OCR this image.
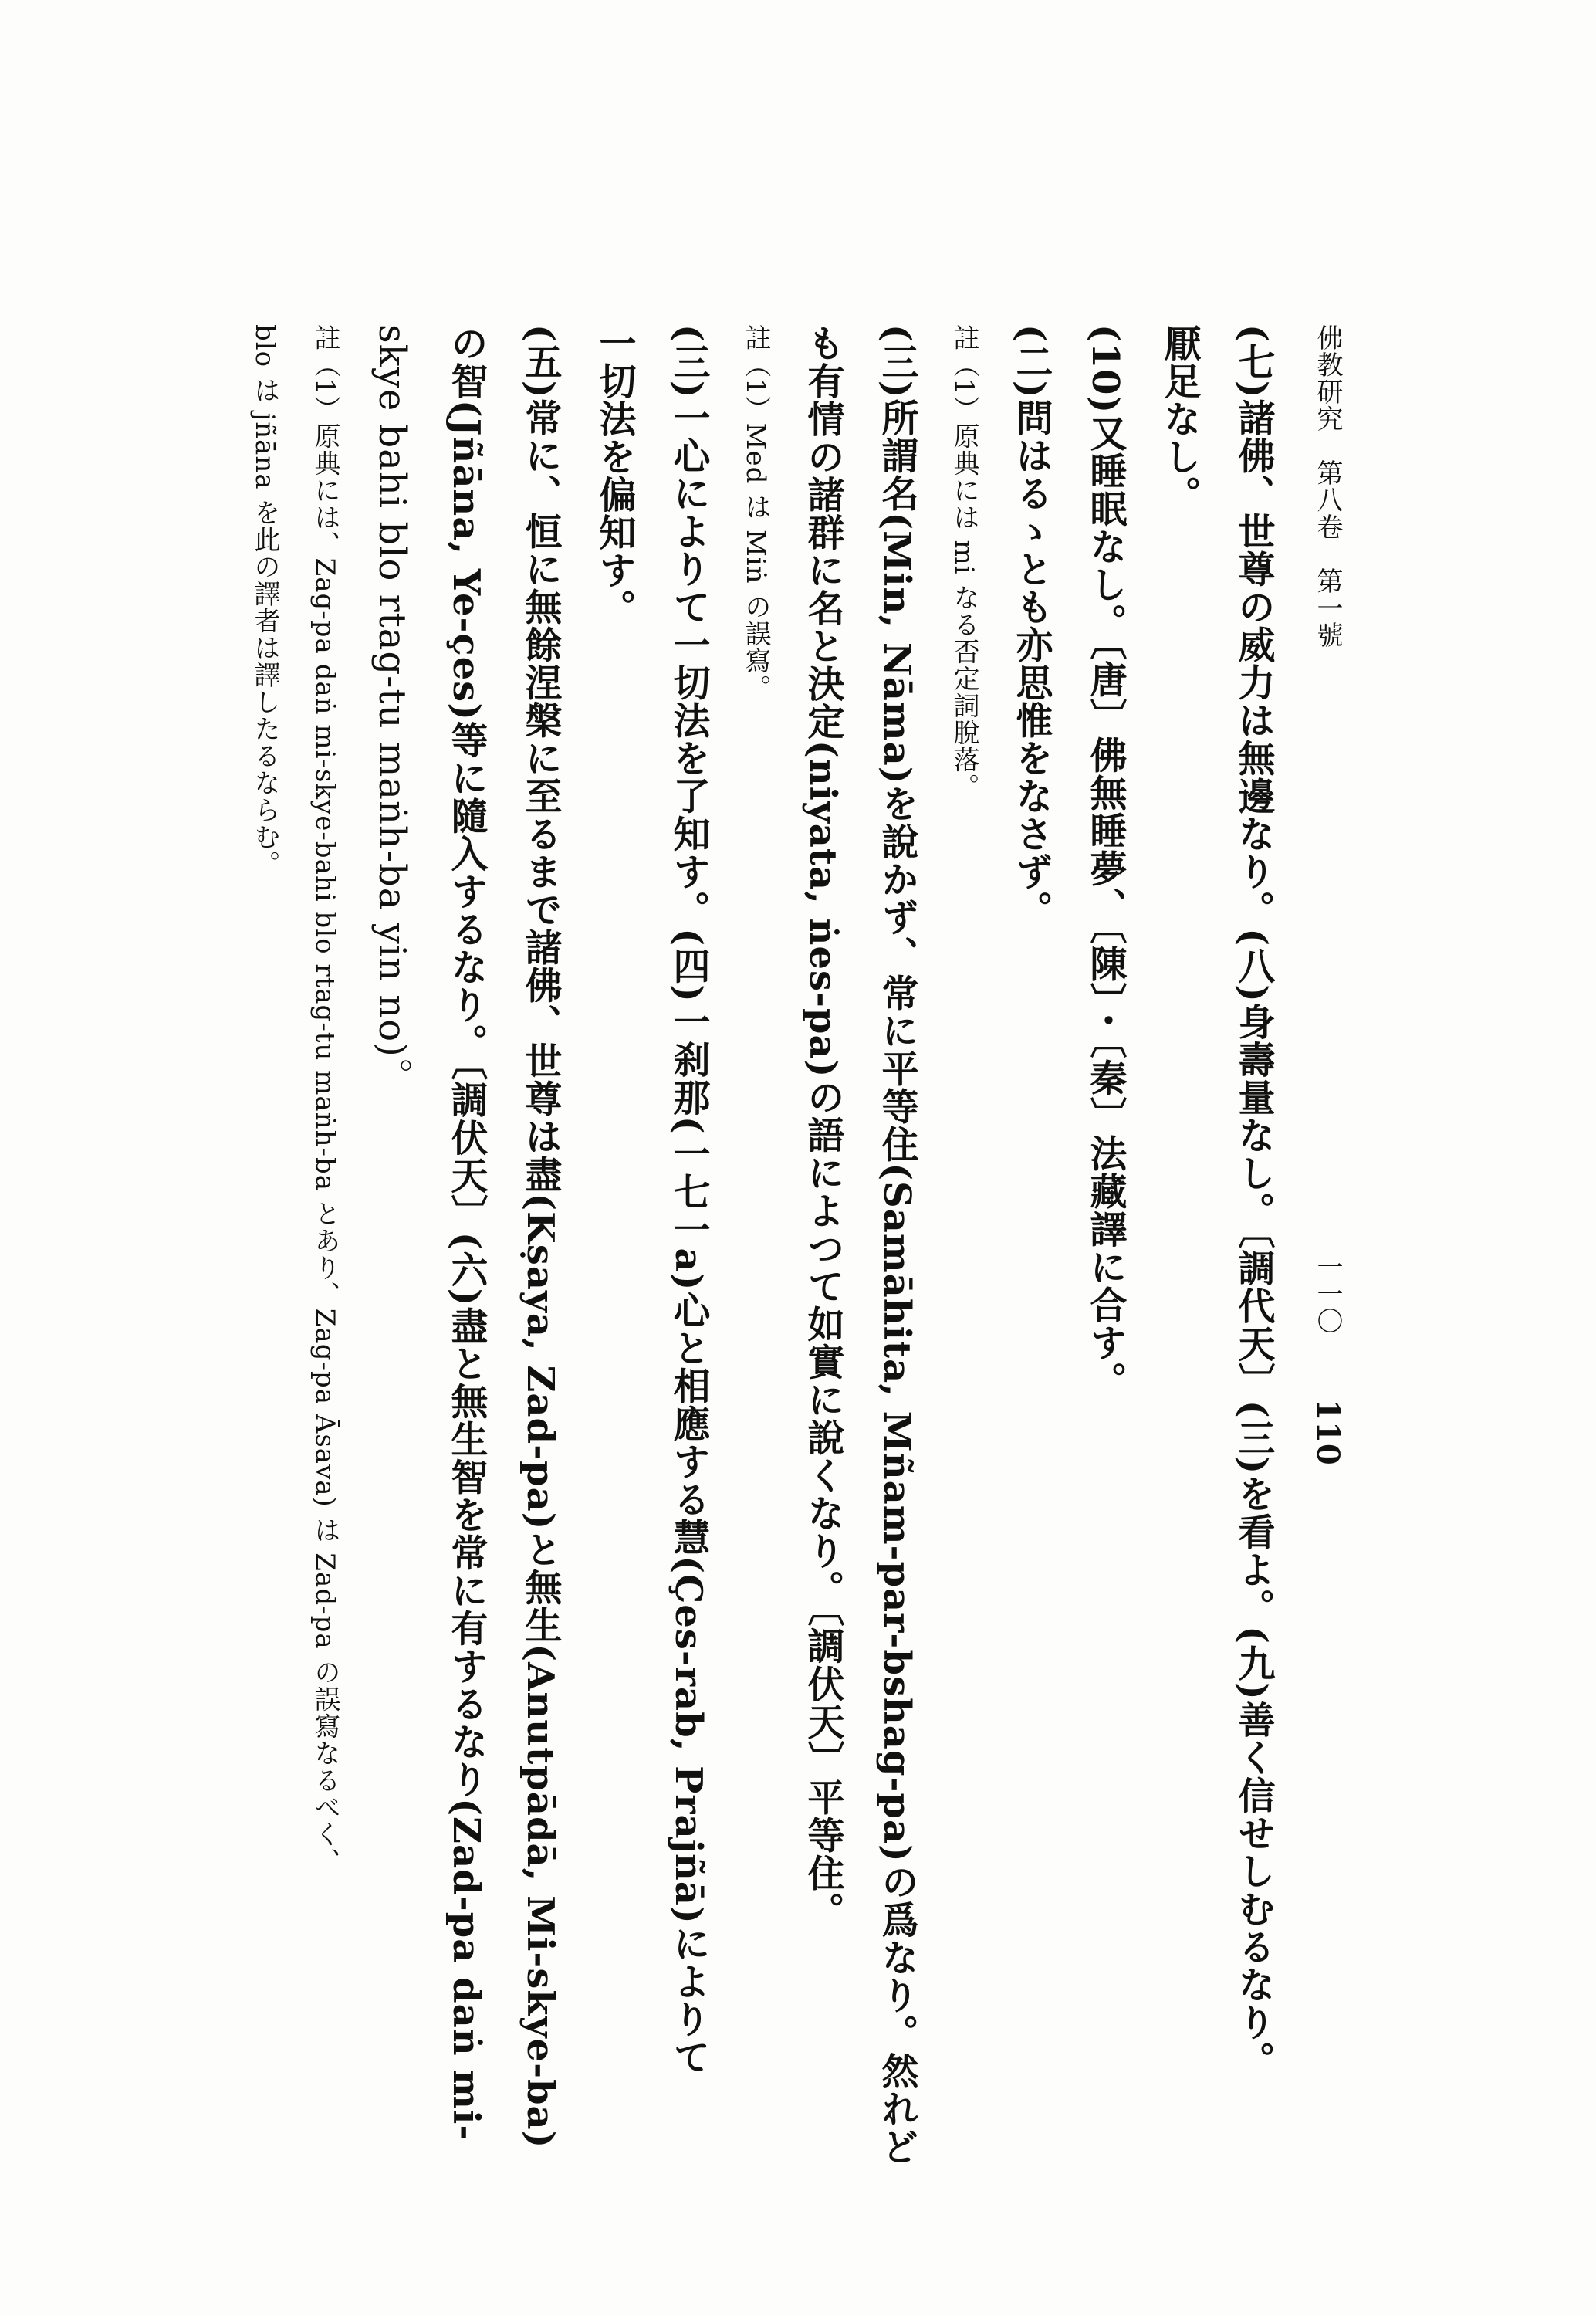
佛教研究　第八卷　第一號  一一〇  110
(七)諸佛、世尊の威力は無邊なり。(八)身壽量なし。〔調代天〕(三)を看よ。(九)善く信せしむるなり。
厭足なし。
(10)又睡眠なし。〔唐〕佛無睡夢、〔陳〕・〔秦〕法藏譯に合す。
(二)問はるゝとも亦思惟をなさず。
註（1）原典には mi なる否定詞脫落。
(三)所謂名(Min, Nāma)を說かず、常に平等住(Samāhita, Mñam-par-bshag-pa)の爲なり。然れど
も有情の諸群に名と決定(niyata, ṅes-pa)の語によつて如實に說くなり。〔調伏天〕平等住。
註（1）Med は Miṅ の誤寫。
(三)一心によりて一切法を了知す。(四)一刹那(一七一a)心と相應する慧(Çes-rab, Prajñā)によりて
一切法を偏知す。
(五)常に、恒に無餘涅槃に至るまで諸佛、世尊は盡(Kṣaya, Zad-pa)と無生(Anutpādā, Mi-skye-ba)
の智(Jñāna, Ye-çes)等に隨入するなり。〔調伏天〕(六)盡と無生智を常に有するなり(Zad-pa daṅ mi-
skye bahi blo rtag-tu maṅh-ba yin no)。
註（1）原典には、Zag-pa daṅ mi-skye-bahi blo rtag-tu maṅh-ba とあり、Zag-pa Āsava) は Zad-pa の誤寫なるべく、
blo は jñāna を此の譯者は譯したるならむ。
